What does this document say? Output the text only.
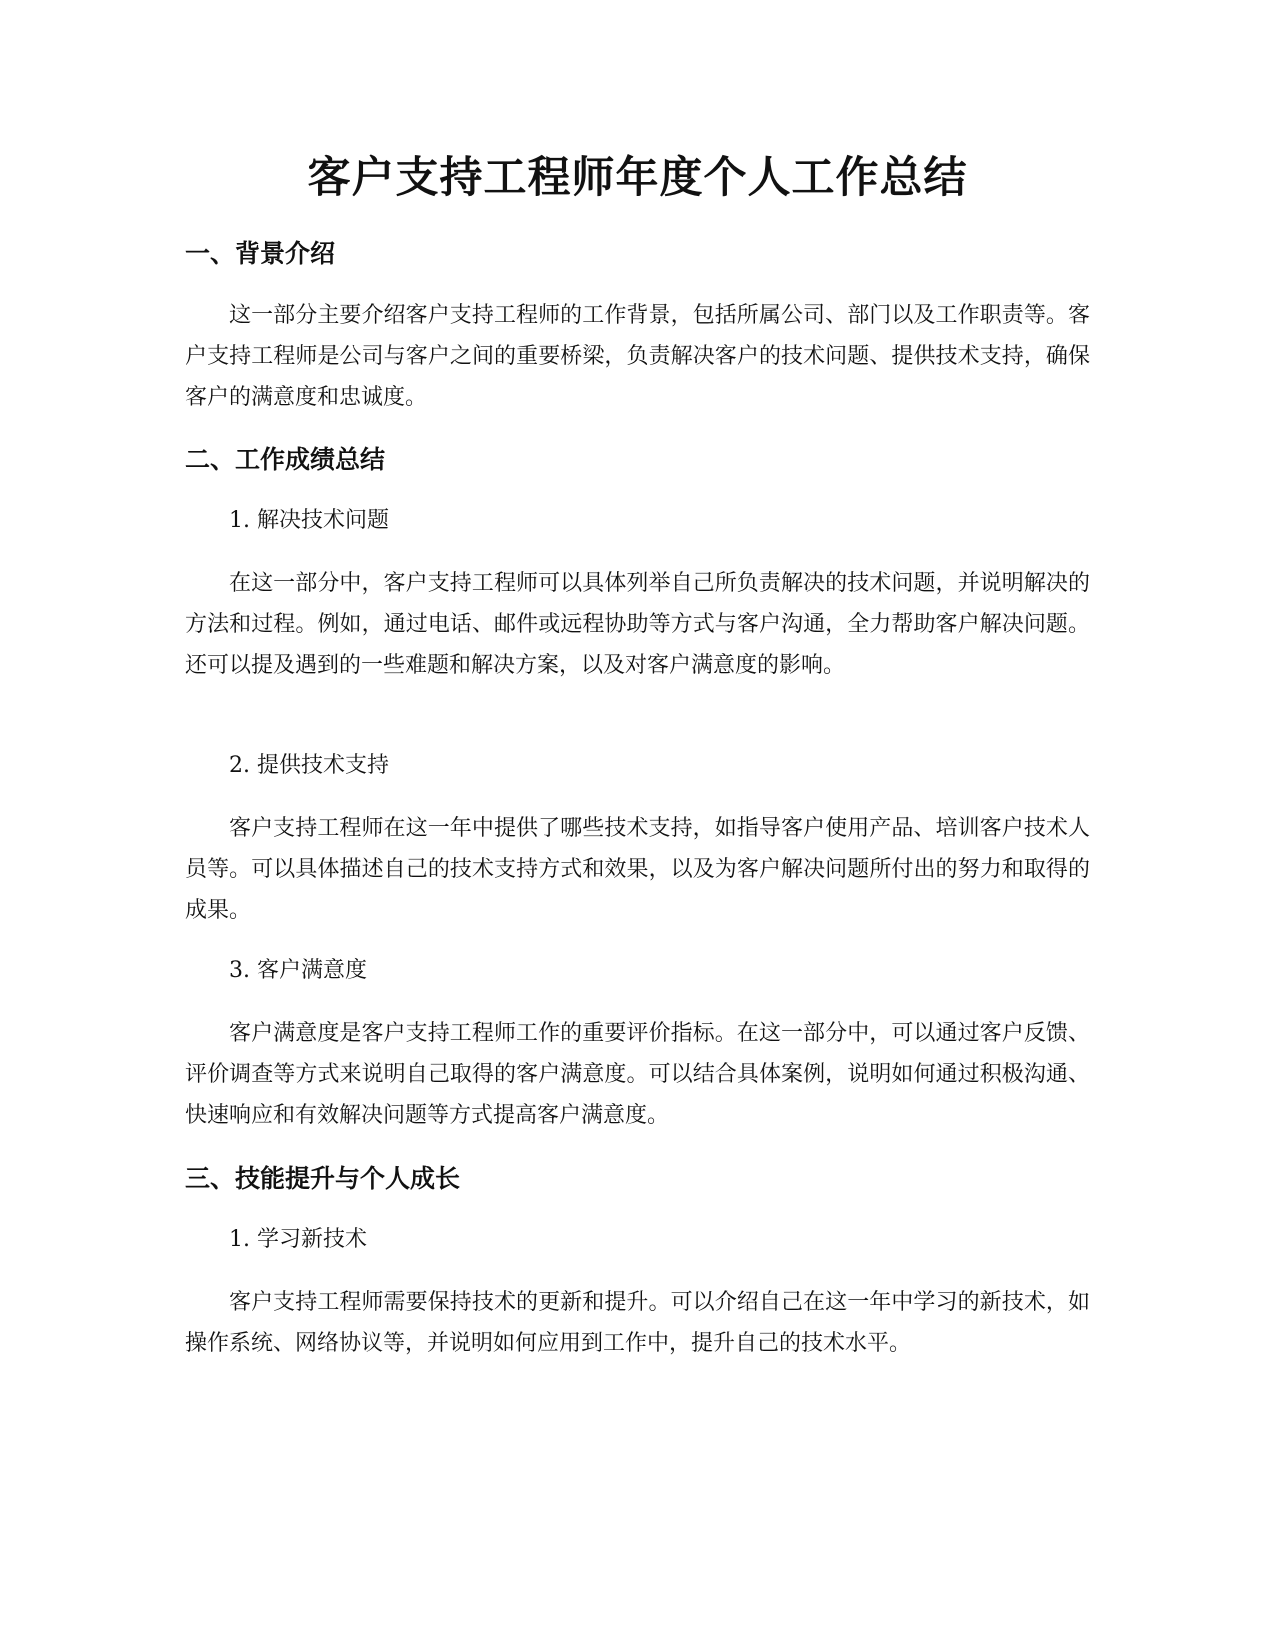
客户支持工程师年度个人工作总结
一、背景介绍

这一部分主要介绍客户支持工程师的工作背景，包括所属公司、部门以及工作职责等。客户支持工程师是公司与客户之间的重要桥梁，负责解决客户的技术问题、提供技术支持，确保客户的满意度和忠诚度。

二、工作成绩总结

1. 解决技术问题

在这一部分中，客户支持工程师可以具体列举自己所负责解决的技术问题，并说明解决的方法和过程。例如，通过电话、邮件或远程协助等方式与客户沟通，全力帮助客户解决问题。还可以提及遇到的一些难题和解决方案，以及对客户满意度的影响。

2. 提供技术支持

客户支持工程师在这一年中提供了哪些技术支持，如指导客户使用产品、培训客户技术人员等。可以具体描述自己的技术支持方式和效果，以及为客户解决问题所付出的努力和取得的成果。

3. 客户满意度

客户满意度是客户支持工程师工作的重要评价指标。在这一部分中，可以通过客户反馈、评价调查等方式来说明自己取得的客户满意度。可以结合具体案例，说明如何通过积极沟通、快速响应和有效解决问题等方式提高客户满意度。

三、技能提升与个人成长

1. 学习新技术

客户支持工程师需要保持技术的更新和提升。可以介绍自己在这一年中学习的新技术，如操作系统、网络协议等，并说明如何应用到工作中，提升自己的技术水平。
